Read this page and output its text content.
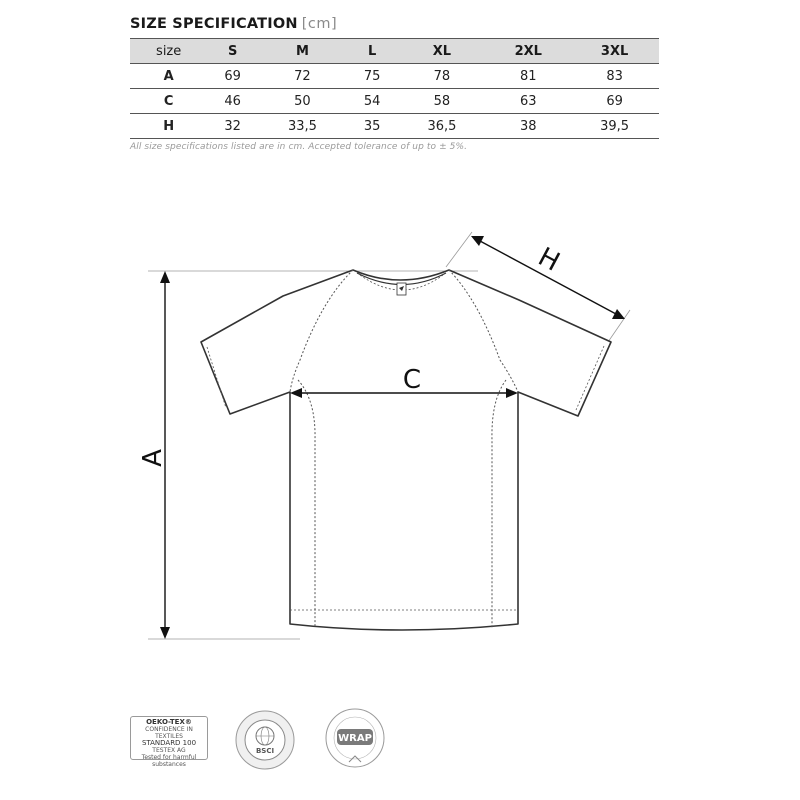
SIZE SPECIFICATION [cm]
size	S	M	L	XL	2XL	3XL
A	69	72	75	78	81	83
C	46	50	54	58	63	69
H	32	33,5	35	36,5	38	39,5
All size specifications listed are in cm. Accepted tolerance of up to ± 5%.
A
C
H
BSCI
WRAP
OEKO-TEX®
CONFIDENCE IN TEXTILES
STANDARD 100
TESTEX AG
Tested for harmful substances
